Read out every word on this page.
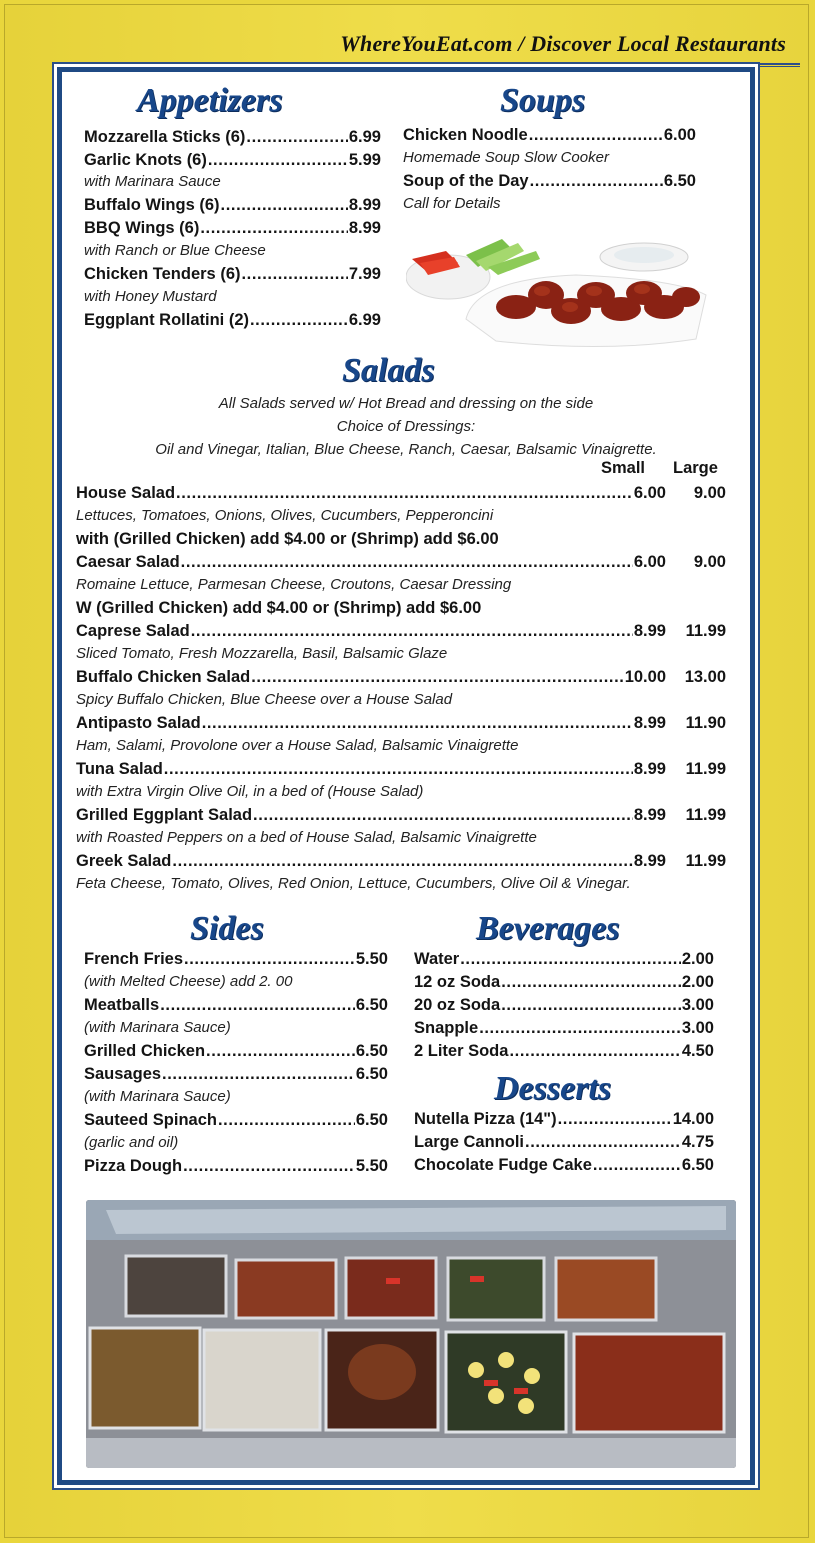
WhereYouEat.com / Discover Local Restaurants
Appetizers
Mozzarella Sticks (6) .....	6.99
Garlic Knots (6) .....	5.99
with Marinara Sauce
Buffalo Wings (6) .....	8.99
BBQ Wings (6) .....	8.99
with Ranch or Blue Cheese
Chicken Tenders (6) .....	7.99
with Honey Mustard
Eggplant Rollatini (2) .....	6.99
Soups
Chicken Noodle .....	6.00
Homemade Soup Slow Cooker
Soup of the Day .....	6.50
Call for Details
Salads
All Salads served w/ Hot Bread and dressing on the side
Choice of Dressings:
Oil and Vinegar, Italian, Blue Cheese, Ranch, Caesar, Balsamic Vinaigrette.
Small Large
House Salad .....	6.00	9.00
Lettuces, Tomatoes, Onions, Olives, Cucumbers, Pepperoncini
with (Grilled Chicken) add $4.00 or (Shrimp) add $6.00
Caesar Salad .....	6.00	9.00
Romaine Lettuce, Parmesan Cheese, Croutons, Caesar Dressing
W (Grilled Chicken) add $4.00 or (Shrimp) add $6.00
Caprese Salad .....	8.99	11.99
Sliced Tomato, Fresh Mozzarella, Basil, Balsamic Glaze
Buffalo Chicken Salad .....	10.00	13.00
Spicy Buffalo Chicken, Blue Cheese over a House Salad
Antipasto Salad .....	8.99	11.90
Ham, Salami, Provolone over a House Salad, Balsamic Vinaigrette
Tuna Salad .....	8.99	11.99
with Extra Virgin Olive Oil, in a bed of (House Salad)
Grilled Eggplant Salad .....	8.99	11.99
with Roasted Peppers on a bed of House Salad, Balsamic Vinaigrette
Greek Salad .....	8.99	11.99
Feta Cheese, Tomato, Olives, Red Onion, Lettuce, Cucumbers, Olive Oil & Vinegar.
Sides
French Fries .....	5.50
(with Melted Cheese) add 2. 00
Meatballs .....	6.50
(with Marinara Sauce)
Grilled Chicken .....	6.50
Sausages .....	6.50
(with Marinara Sauce)
Sauteed Spinach .....	6.50
(garlic and oil)
Pizza Dough .....	5.50
Beverages
Water .....	2.00
12 oz Soda .....	2.00
20 oz Soda .....	3.00
Snapple .....	3.00
2 Liter Soda .....	4.50
Desserts
Nutella Pizza (14") .....	14.00
Large Cannoli .....	4.75
Chocolate Fudge Cake .....	6.50
